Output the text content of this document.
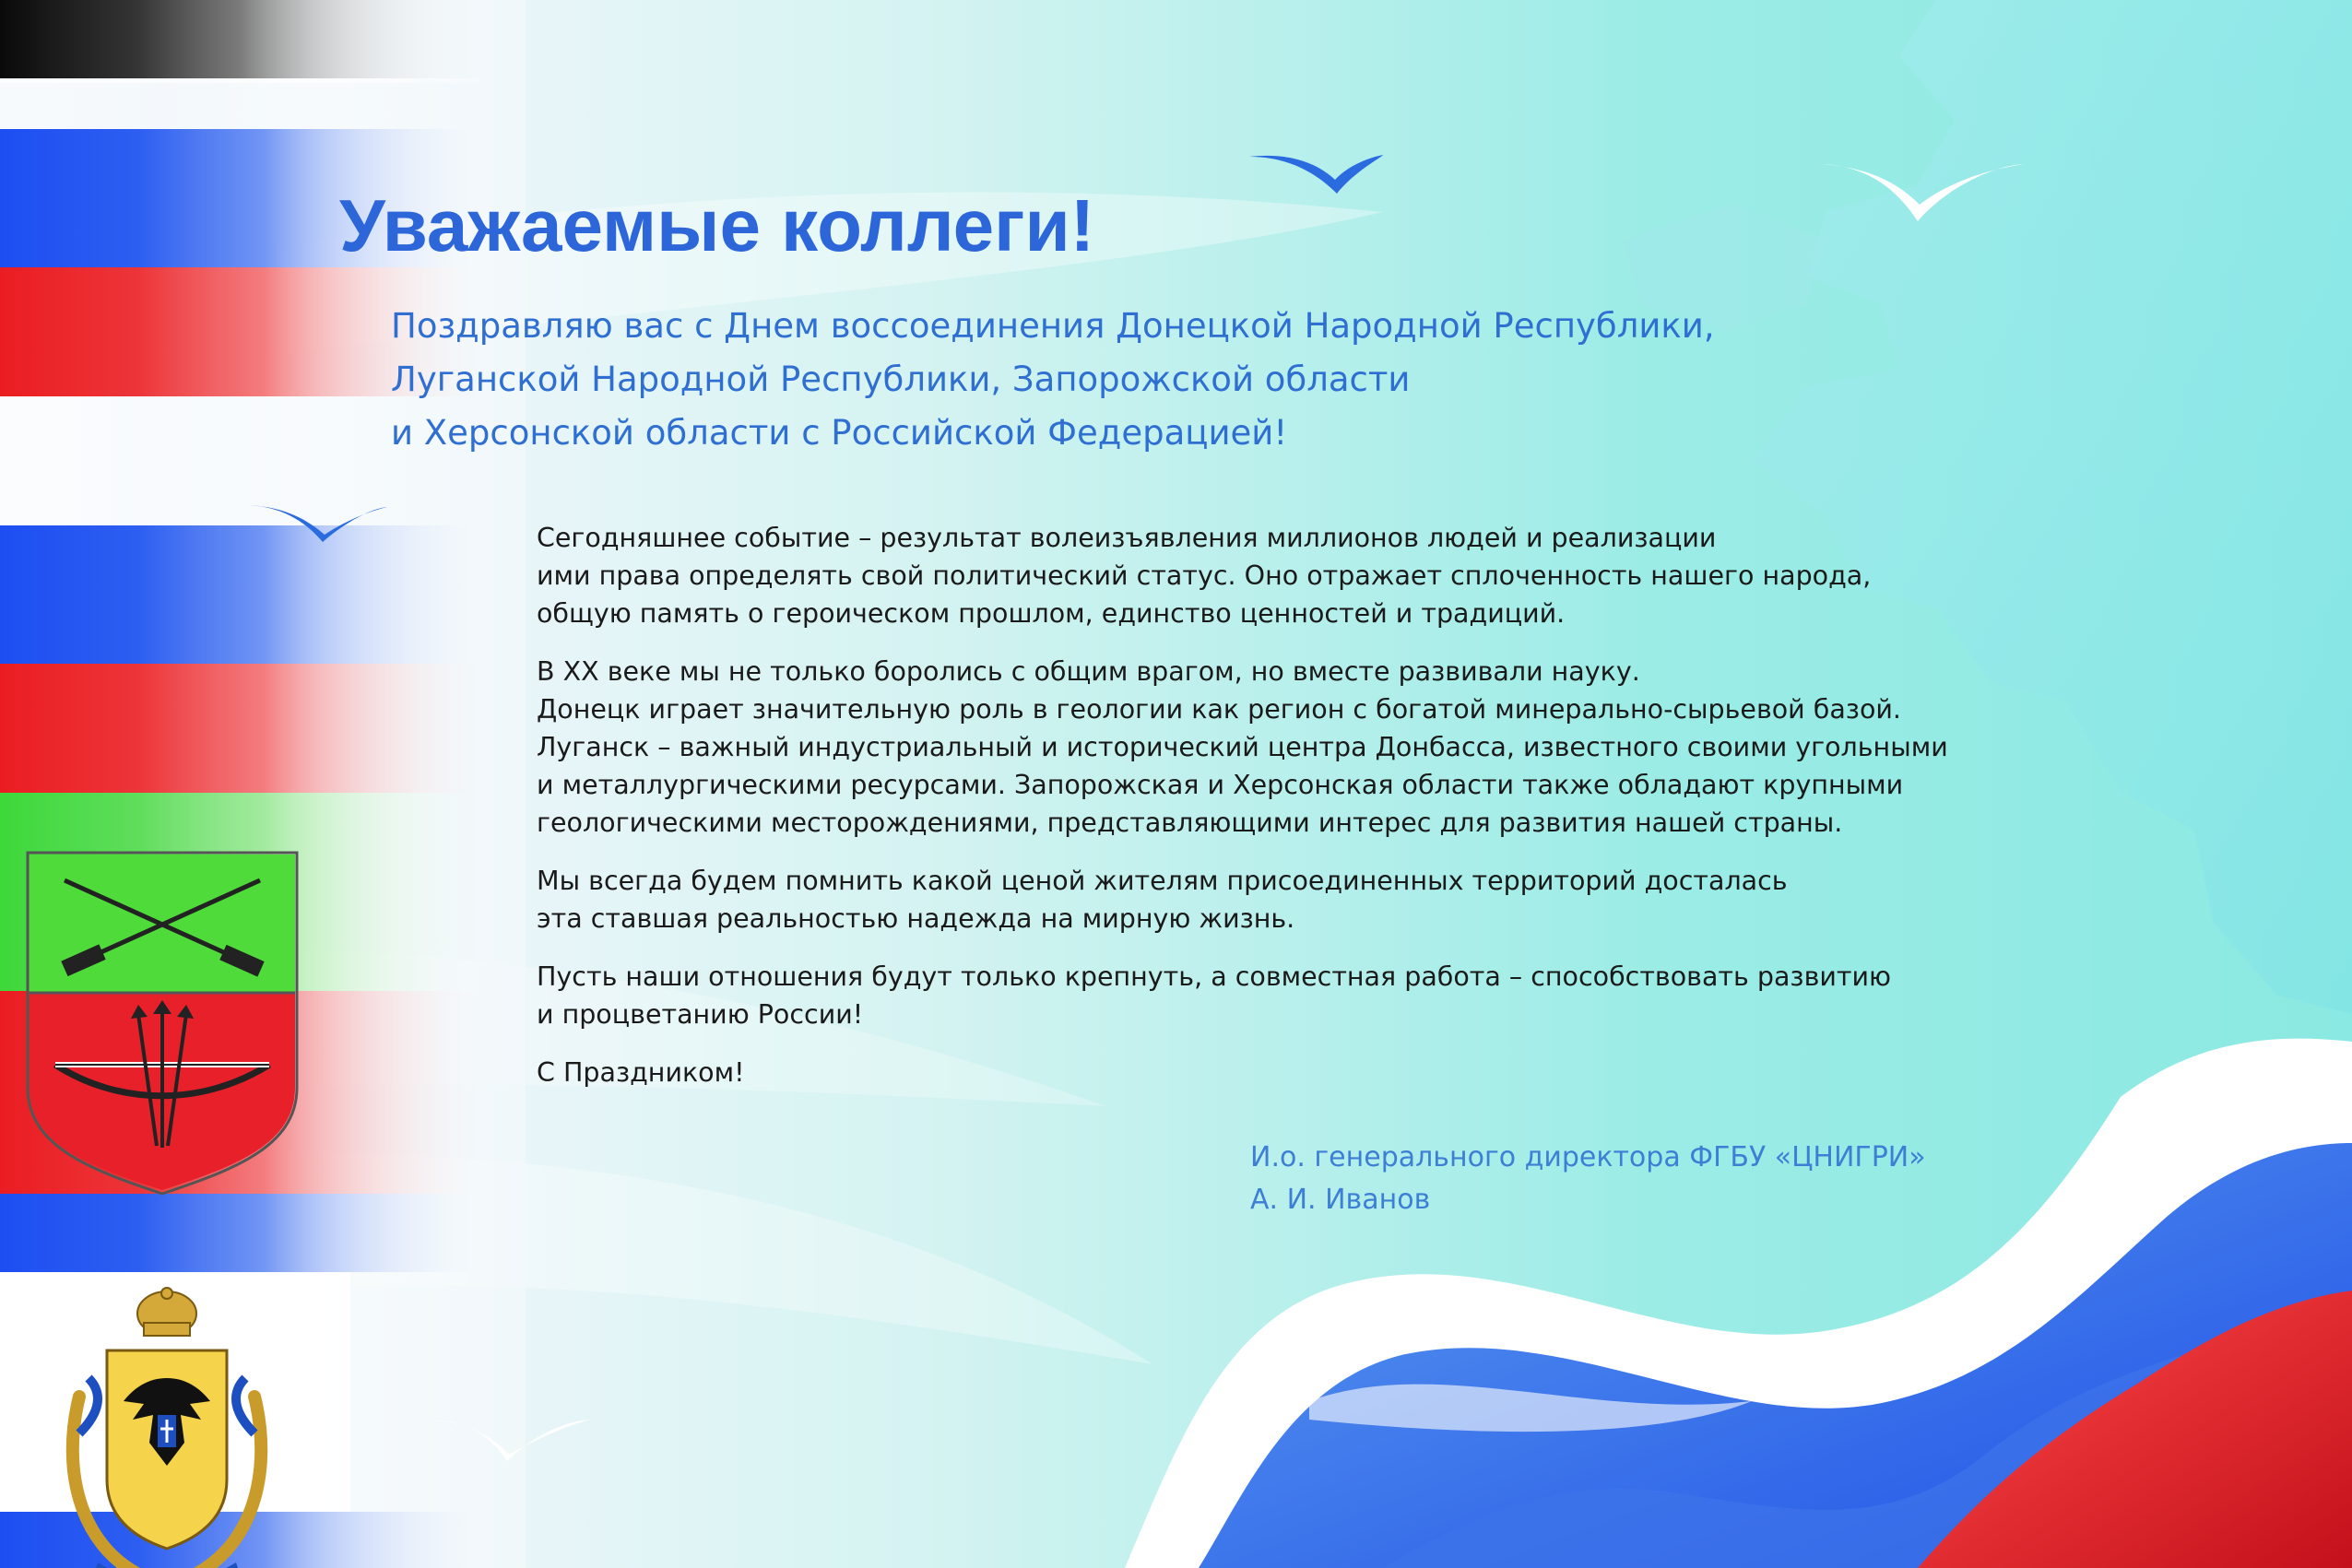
Уважаемые коллеги!
Поздравляю вас с Днем воссоединения Донецкой Народной Республики,
Луганской Народной Республики, Запорожской области
и Херсонской области с Российской Федерацией!

Сегодняшнее событие – результат волеизъявления миллионов людей и реализации
ими права определять свой политический статус. Оно отражает сплоченность нашего народа,
общую память о героическом прошлом, единство ценностей и традиций.

В XX веке мы не только боролись с общим врагом, но вместе развивали науку.
Донецк играет значительную роль в геологии как регион с богатой минерально-сырьевой базой.
Луганск – важный индустриальный и исторический центра Донбасса, известного своими угольными
и металлургическими ресурсами. Запорожская и Херсонская области также обладают крупными
геологическими месторождениями, представляющими интерес для развития нашей страны.

Мы всегда будем помнить какой ценой жителям присоединенных территорий досталась
эта ставшая реальностью надежда на мирную жизнь.

Пусть наши отношения будут только крепнуть, а совместная работа – способствовать развитию
и процветанию России!

С Праздником!

И.о. генерального директора ФГБУ «ЦНИГРИ»
А. И. Иванов
